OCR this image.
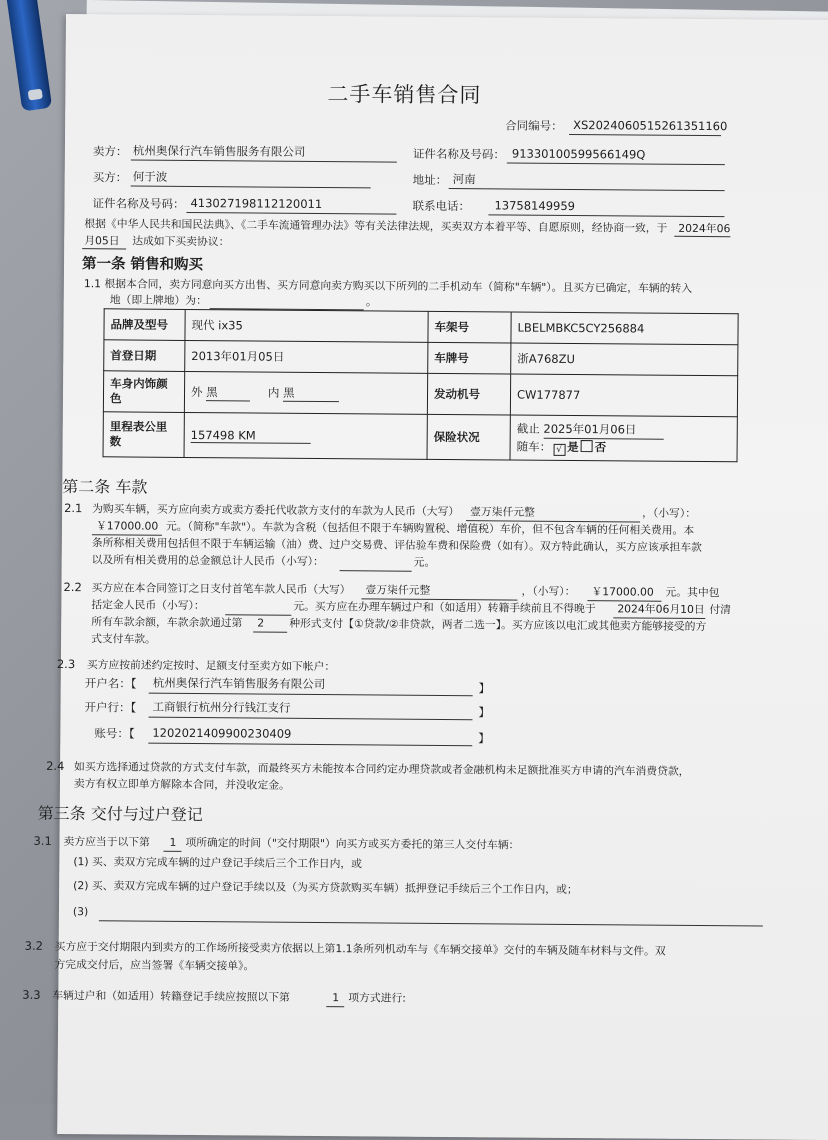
二手车销售合同
合同编号： XS2024060515261351160
卖方： 杭州奥保行汽车销售服务有限公司	证件名称及号码： 91330100599566149Q
买方： 何于波	地址： 河南
证件名称及号码： 413027198112120011	联系电话： 13758149959
根据《中华人民共和国民法典》、《二手车流通管理办法》等有关法律法规，买卖双方本着平等、自愿原则，经协商一致，于 2024年06
月05日 达成如下买卖协议：
第一条 销售和购买
1.1 根据本合同，卖方同意向买方出售、买方同意向卖方购买以下所列的二手机动车（简称"车辆"）。且买方已确定，车辆的转入
地（即上牌地）为：	。
品牌及型号	现代 ix35	车架号	LBELMBKC5CY256884
首登日期	2013年01月05日	车牌号	浙A768ZU
车身内饰颜
色	外 黑 内 黑	发动机号	CW177877
里程表公里
数	157498 KM	保险状况	截止 2025年01月06日
随车： √ 是 否
第二条 车款
2.1 为购买车辆，买方应向卖方或卖方委托代收款方支付的车款为人民币（大写） 壹万柒仟元整	，（小写）：
￥17000.00 元。（简称"车款"）。车款为含税（包括但不限于车辆购置税、增值税）车价，但不包含车辆的任何相关费用。本
条所称相关费用包括但不限于车辆运输（油）费、过户交易费、评估验车费和保险费（如有）。双方特此确认，买方应该承担车款
以及所有相关费用的总金额总计人民币（小写）：	元。
2.2 买方应在本合同签订之日支付首笔车款人民币（大写） 壹万柒仟元整	，（小写）： ￥17000.00 元。其中包
括定金人民币（小写）：	元。买方应在办理车辆过户和（如适用）转籍手续前且不得晚于 2024年06月10日 付清
所有车款余额，车款余款通过第 2 种形式支付【①贷款/②非贷款，两者二选一】。买方应该以电汇或其他卖方能够接受的方
式支付车款。
2.3 买方应按前述约定按时、足额支付至卖方如下帐户：
开户名：【 杭州奥保行汽车销售服务有限公司	】
开户行：【 工商银行杭州分行钱江支行	】
账号：【 1202021409900230409	】
2.4 如买方选择通过贷款的方式支付车款，而最终买方未能按本合同约定办理贷款或者金融机构未足额批准买方申请的汽车消费贷款，
卖方有权立即单方解除本合同，并没收定金。
第三条 交付与过户登记
3.1 卖方应当于以下第 1 项所确定的时间（"交付期限"）向买方或买方委托的第三人交付车辆：
(1) 买、卖双方完成车辆的过户登记手续后三个工作日内，或
(2) 买、卖双方完成车辆的过户登记手续以及（为买方贷款购买车辆）抵押登记手续后三个工作日内，或；
(3)
3.2 买方应于交付期限内到卖方的工作场所接受卖方依据以上第1.1条所列机动车与《车辆交接单》交付的车辆及随车材料与文件。双
方完成交付后，应当签署《车辆交接单》。
3.3 车辆过户和（如适用）转籍登记手续应按照以下第	1 项方式进行:
